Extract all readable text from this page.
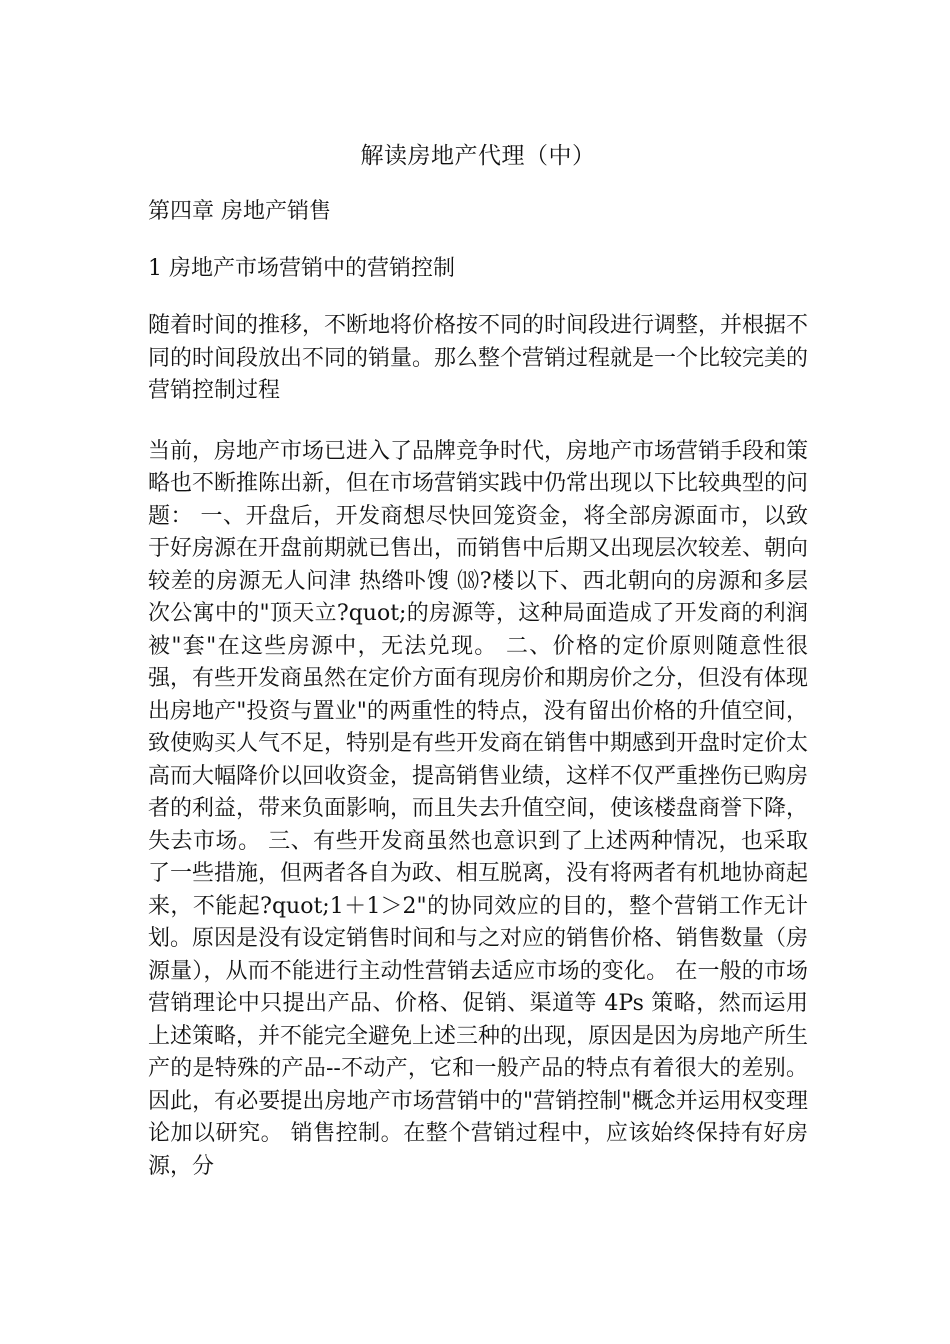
解读房地产代理（中）
第四章 房地产销售
1 房地产市场营销中的营销控制
随着时间的推移，不断地将价格按不同的时间段进行调整，并根据不同的时间段放出不同的销量。那么整个营销过程就是一个比较完美的营销控制过程
当前，房地产市场已进入了品牌竞争时代，房地产市场营销手段和策略也不断推陈出新，但在市场营销实践中仍常出现以下比较典型的问题： 一、开盘后，开发商想尽快回笼资金，将全部房源面市，以致于好房源在开盘前期就已售出，而销售中后期又出现层次较差、朝向较差的房源无人问津 热绺卟馊 ⒅?楼以下、西北朝向的房源和多层次公寓中的"顶天立?quot;的房源等，这种局面造成了开发商的利润被"套"在这些房源中，无法兑现。 二、价格的定价原则随意性很强，有些开发商虽然在定价方面有现房价和期房价之分，但没有体现出房地产"投资与置业"的两重性的特点，没有留出价格的升值空间，致使购买人气不足，特别是有些开发商在销售中期感到开盘时定价太高而大幅降价以回收资金，提高销售业绩，这样不仅严重挫伤已购房者的利益，带来负面影响，而且失去升值空间，使该楼盘商誉下降，失去市场。 三、有些开发商虽然也意识到了上述两种情况，也采取了一些措施，但两者各自为政、相互脱离，没有将两者有机地协商起来，不能起?quot;1＋1＞2"的协同效应的目的，整个营销工作无计划。原因是没有设定销售时间和与之对应的销售价格、销售数量（房源量），从而不能进行主动性营销去适应市场的变化。 在一般的市场营销理论中只提出产品、价格、促销、渠道等 4Ps 策略，然而运用上述策略，并不能完全避免上述三种的出现，原因是因为房地产所生产的是特殊的产品--不动产，它和一般产品的特点有着很大的差别。因此，有必要提出房地产市场营销中的"营销控制"概念并运用权变理论加以研究。 销售控制。在整个营销过程中，应该始终保持有好房源，分
